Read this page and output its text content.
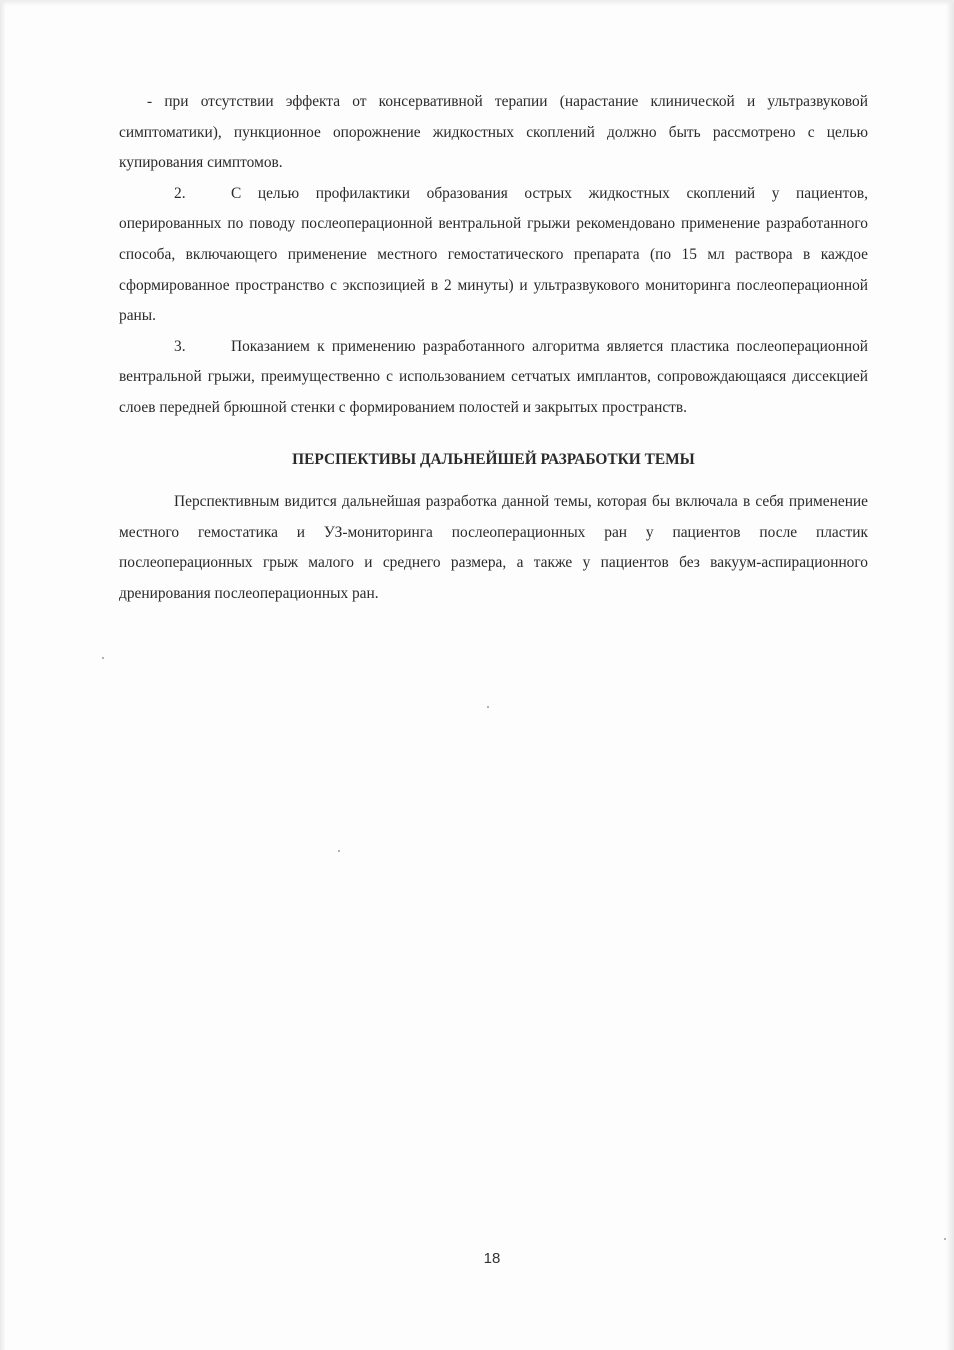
- при отсутствии эффекта от консервативной терапии (нарастание клинической и ультразвуковой симптоматики), пункционное опорожнение жидкостных скоплений должно быть рассмотрено с целью купирования симптомов.

2.	С целью профилактики образования острых жидкостных скоплений у пациентов, оперированных по поводу послеоперационной вентральной грыжи рекомендовано применение разработанного способа, включающего применение местного гемостатического препарата (по 15 мл раствора в каждое сформированное пространство с экспозицией в 2 минуты) и ультразвукового мониторинга послеоперационной раны.

3.	Показанием к применению разработанного алгоритма является пластика послеоперационной вентральной грыжи, преимущественно с использованием сетчатых имплантов, сопровождающаяся диссекцией слоев передней брюшной стенки с формированием полостей и закрытых пространств.

ПЕРСПЕКТИВЫ ДАЛЬНЕЙШЕЙ РАЗРАБОТКИ ТЕМЫ

Перспективным видится дальнейшая разработка данной темы, которая бы включала в себя применение местного гемостатика и УЗ-мониторинга послеоперационных ран у пациентов после пластик послеоперационных грыж малого и среднего размера, а также у пациентов без вакуум-аспирационного дренирования послеоперационных ран.

18
